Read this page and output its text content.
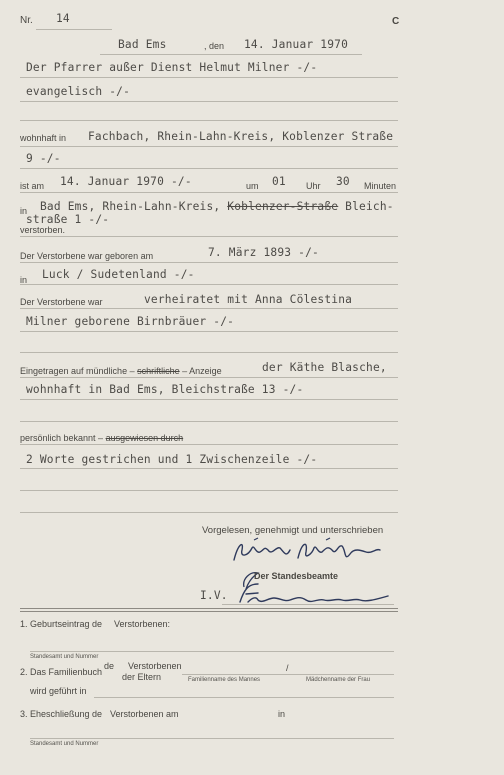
Nr. 14	C
Bad Ems	, den 14. Januar 1970
Der Pfarrer außer Dienst Helmut Milner -/-
evangelisch -/-
wohnhaft in Fachbach, Rhein-Lahn-Kreis, Koblenzer Straße
9 -/-
ist am 14. Januar 1970 -/-	um 01 Uhr 30 Minuten
in Bad Ems, Rhein-Lahn-Kreis, Koblenzer-Straße Bleich-
straße 1 -/-
verstorben.
Der Verstorbene war geboren am	7. März 1893 -/-
in Luck / Sudetenland -/-
Der Verstorbene war	verheiratet mit Anna Cölestina
Milner geborene Birnbräuer -/-
Eingetragen auf mündliche – schriftliche – Anzeige	der Käthe Blasche,
wohnhaft in Bad Ems, Bleichstraße 13 -/-
persönlich bekannt – ausgewiesen durch
2 Worte gestrichen und 1 Zwischenzeile -/-
Vorgelesen, genehmigt und unterschrieben
Der Standesbeamte
I.V.
1. Geburtseintrag de Verstorbenen:
Standesamt und Nummer
2. Das Familienbuch
de Verstorbenen
der Eltern
/
Familienname des Mannes	Mädchenname der Frau
wird geführt in
3. Eheschließung de Verstorbenen am	in
Standesamt und Nummer
